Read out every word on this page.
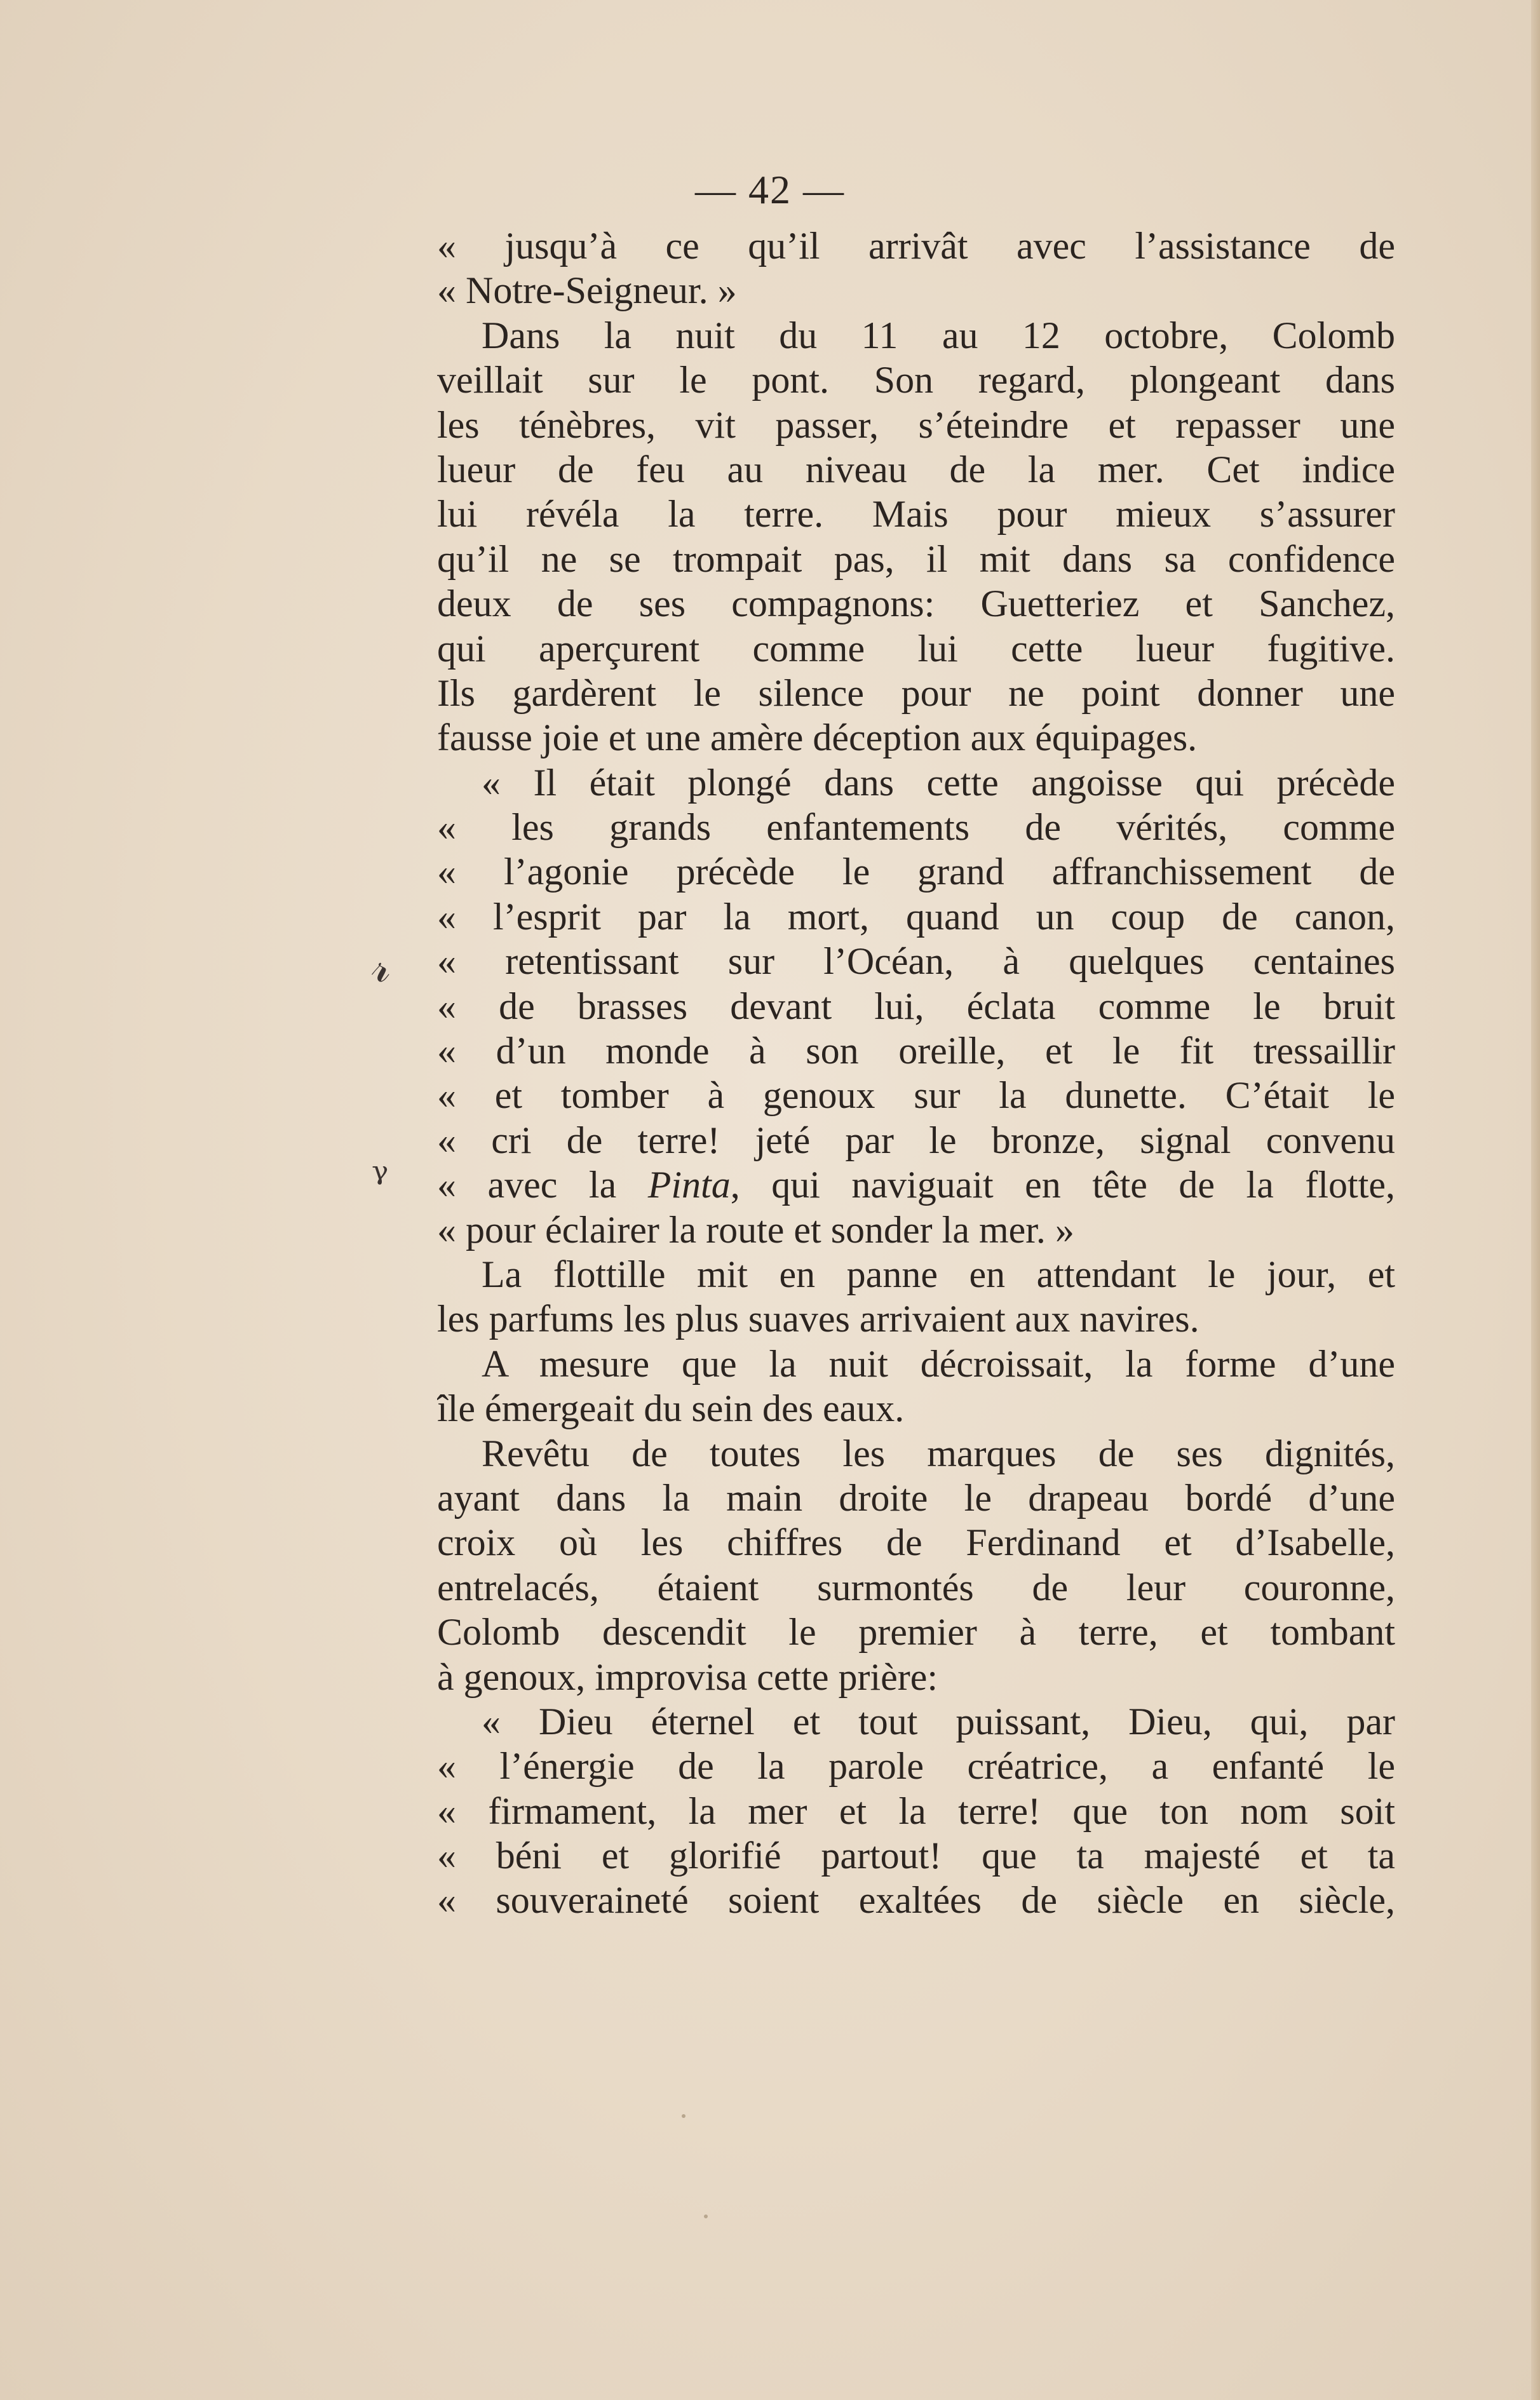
— 42 —
𝓇
ᵞ
« jusqu’à ce qu’il arrivât avec l’assistance de
« Notre-Seigneur. »
Dans la nuit du 11 au 12 octobre, Colomb
veillait sur le pont. Son regard, plongeant dans
les ténèbres, vit passer, s’éteindre et repasser une
lueur de feu au niveau de la mer. Cet indice
lui révéla la terre. Mais pour mieux s’assurer
qu’il ne se trompait pas, il mit dans sa confidence
deux de ses compagnons: Guetteriez et Sanchez,
qui aperçurent comme lui cette lueur fugitive.
Ils gardèrent le silence pour ne point donner une
fausse joie et une amère déception aux équipages.
« Il était plongé dans cette angoisse qui précède
« les grands enfantements de vérités, comme
« l’agonie précède le grand affranchissement de
« l’esprit par la mort, quand un coup de canon,
« retentissant sur l’Océan, à quelques centaines
« de brasses devant lui, éclata comme le bruit
« d’un monde à son oreille, et le fit tressaillir
« et tomber à genoux sur la dunette. C’était le
« cri de terre! jeté par le bronze, signal convenu
« avec la Pinta, qui naviguait en tête de la flotte,
« pour éclairer la route et sonder la mer. »
La flottille mit en panne en attendant le jour, et
les parfums les plus suaves arrivaient aux navires.
A mesure que la nuit décroissait, la forme d’une
île émergeait du sein des eaux.
Revêtu de toutes les marques de ses dignités,
ayant dans la main droite le drapeau bordé d’une
croix où les chiffres de Ferdinand et d’Isabelle,
entrelacés, étaient surmontés de leur couronne,
Colomb descendit le premier à terre, et tombant
à genoux, improvisa cette prière:
« Dieu éternel et tout puissant, Dieu, qui, par
« l’énergie de la parole créatrice, a enfanté le
« firmament, la mer et la terre! que ton nom soit
« béni et glorifié partout! que ta majesté et ta
« souveraineté soient exaltées de siècle en siècle,
